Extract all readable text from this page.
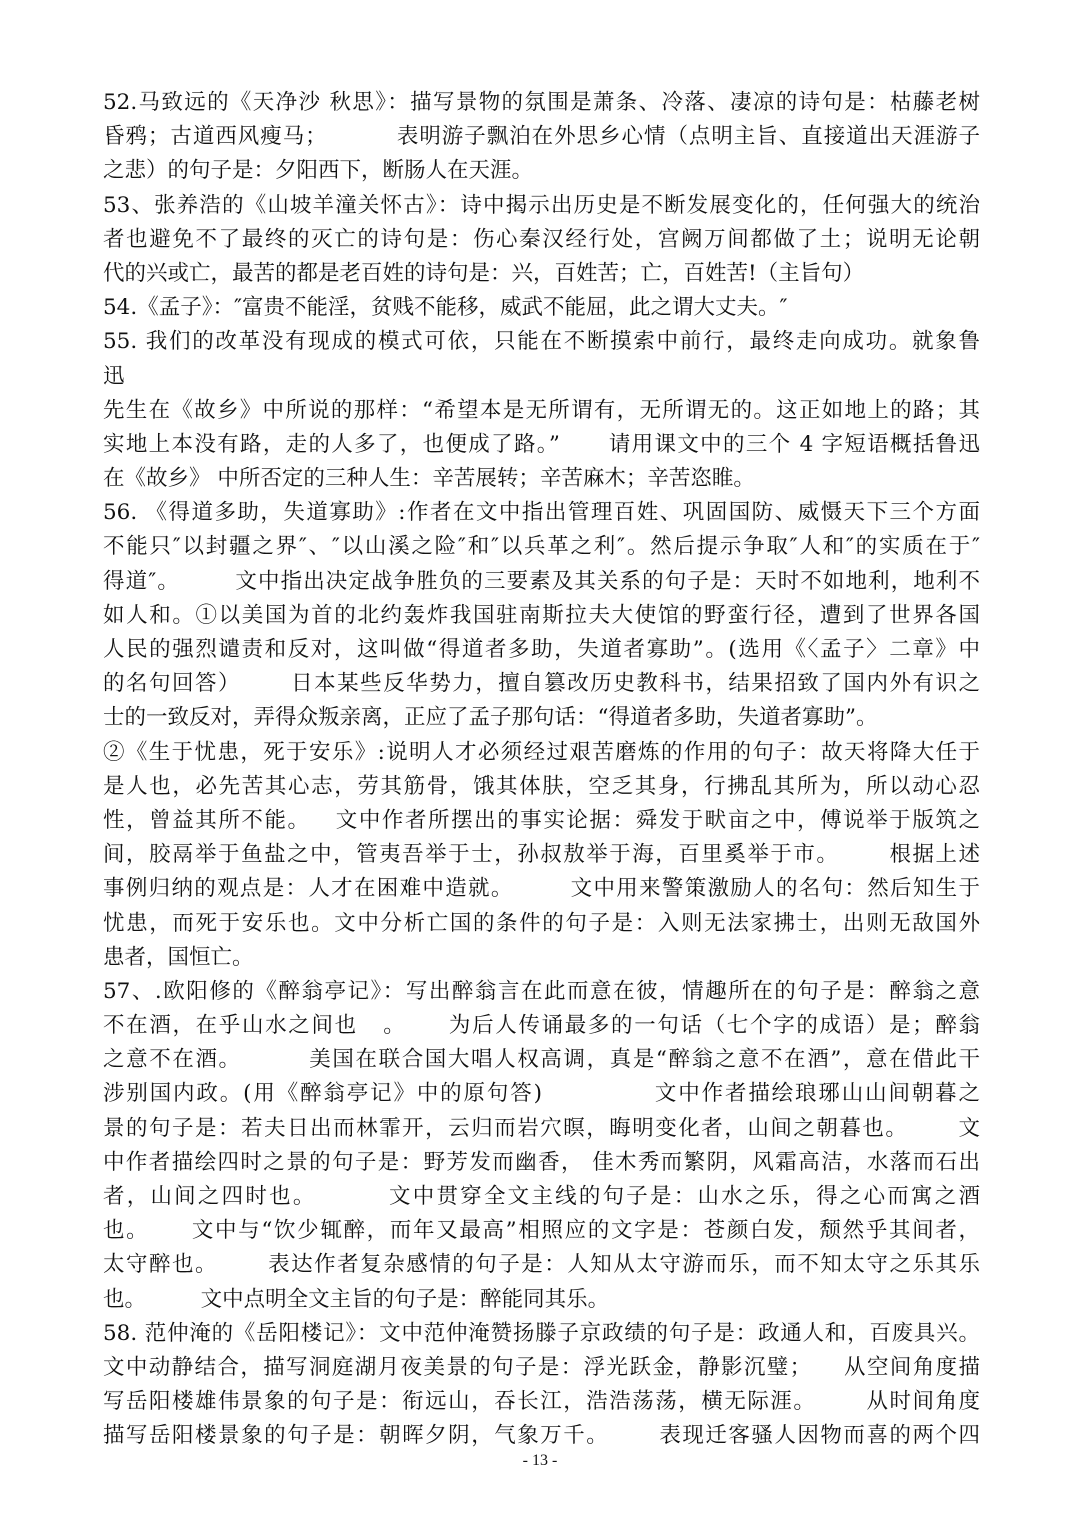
52.马致远的《天净沙 秋思》：描写景物的氛围是萧条、冷落、凄凉的诗句是：枯藤老树
昏鸦；古道西风瘦马；         表明游子飘泊在外思乡心情（点明主旨、直接道出天涯游子
之悲）的句子是：夕阳西下，断肠人在天涯。
53、张养浩的《山坡羊潼关怀古》：诗中揭示出历史是不断发展变化的，任何强大的统治
者也避免不了最终的灭亡的诗句是：伤心秦汉经行处，宫阙万间都做了土；说明无论朝
代的兴或亡，最苦的都是老百姓的诗句是：兴，百姓苦；亡，百姓苦!（主旨句）
54.《孟子》：″富贵不能淫，贫贱不能移，威武不能屈，此之谓大丈夫。″
55. 我们的改革没有现成的模式可依，只能在不断摸索中前行，最终走向成功。就象鲁
迅
先生在《故乡》中所说的那样：“希望本是无所谓有，无所谓无的。这正如地上的路；其
实地上本没有路，走的人多了，也便成了路。”      请用课文中的三个 4 字短语概括鲁迅
在《故乡》 中所否定的三种人生：辛苦展转；辛苦麻木；辛苦恣睢。
56. 《得道多助，失道寡助》:作者在文中指出管理百姓、巩固国防、威慑天下三个方面
不能只″以封疆之界″、″以山溪之险″和″以兵革之利″。然后提示争取″人和″的实质在于″
得道″。       文中指出决定战争胜负的三要素及其关系的句子是：天时不如地利，地利不
如人和。①以美国为首的北约轰炸我国驻南斯拉夫大使馆的野蛮行径，遭到了世界各国
人民的强烈谴责和反对，这叫做“得道者多助，失道者寡助”。(选用《〈孟子〉二章》中
的名句回答）      日本某些反华势力，擅自篡改历史教科书，结果招致了国内外有识之
士的一致反对，弄得众叛亲离，正应了孟子那句话：“得道者多助，失道者寡助”。
②《生于忧患，死于安乐》:说明人才必须经过艰苦磨炼的作用的句子：故天将降大任于
是人也，必先苦其心志，劳其筋骨，饿其体肤，空乏其身，行拂乱其所为，所以动心忍
性，曾益其所不能。   文中作者所摆出的事实论据：舜发于畎亩之中，傅说举于版筑之
间，胶鬲举于鱼盐之中，管夷吾举于士，孙叔敖举于海，百里奚举于市。      根据上述
事例归纳的观点是：人才在困难中造就。       文中用来警策激励人的名句：然后知生于
忧患，而死于安乐也。文中分析亡国的条件的句子是：入则无法家拂士，出则无敌国外
患者，国恒亡。
57、.欧阳修的《醉翁亭记》：写出醉翁言在此而意在彼，情趣所在的句子是：醉翁之意
不在酒，在乎山水之间也   。     为后人传诵最多的一句话（七个字的成语）是；醉翁
之意不在酒。        美国在联合国大唱人权高调，真是“醉翁之意不在酒”，意在借此干
涉别国内政。(用《醉翁亭记》中的原句答)             文中作者描绘琅琊山山间朝暮之
景的句子是：若夫日出而林霏开，云归而岩穴暝，晦明变化者，山间之朝暮也。      文
中作者描绘四时之景的句子是：野芳发而幽香， 佳木秀而繁阴，风霜高洁，水落而石出
者，山间之四时也。        文中贯穿全文主线的句子是：山水之乐，得之心而寓之酒
也。     文中与“饮少辄醉，而年又最高”相照应的文字是：苍颜白发，颓然乎其间者，
太守醉也。      表达作者复杂感情的句子是：人知从太守游而乐，而不知太守之乐其乐
也。        文中点明全文主旨的句子是：醉能同其乐。
58. 范仲淹的《岳阳楼记》：文中范仲淹赞扬滕子京政绩的句子是：政通人和，百废具兴。
文中动静结合，描写洞庭湖月夜美景的句子是：浮光跃金，静影沉璧；    从空间角度描
写岳阳楼雄伟景象的句子是：衔远山，吞长江，浩浩荡荡，横无际涯。      从时间角度
描写岳阳楼景象的句子是：朝晖夕阴，气象万千。      表现迁客骚人因物而喜的两个四
- 13 -
